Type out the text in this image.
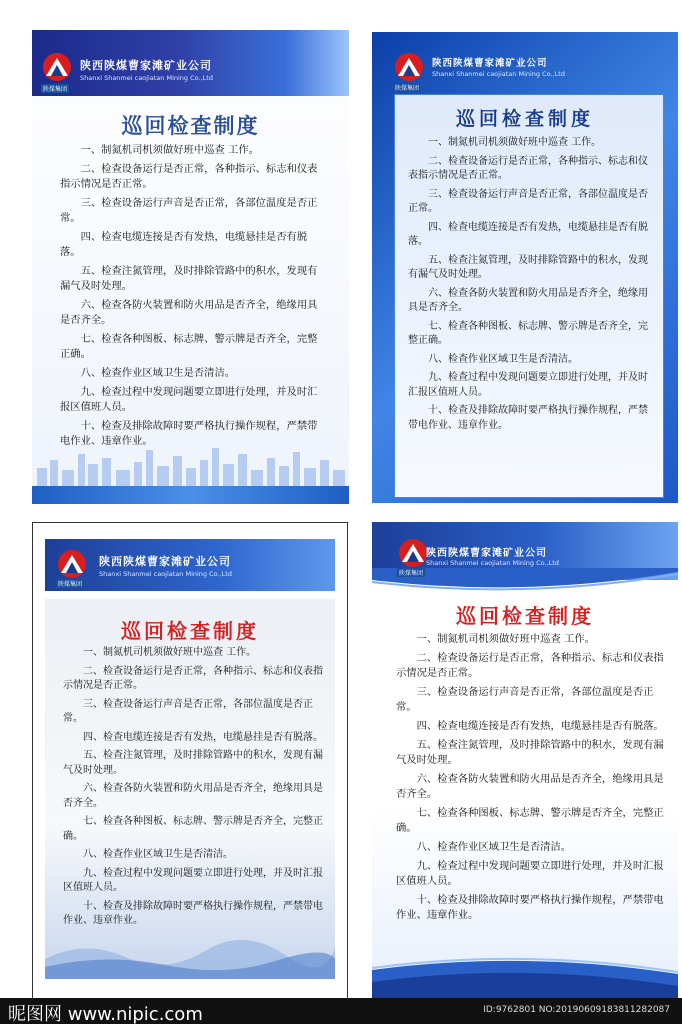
陕煤集团
陕西陕煤曹家滩矿业公司
Shanxi Shanmei caojiatan Mining Co.,Ltd
巡回检查制度

一、制氮机司机须做好班中巡查 工作。

二、检查设备运行是否正常，各种指示、标志和仪表指示情况是否正常。

三、检查设备运行声音是否正常，各部位温度是否正常。

四、检查电缆连接是否有发热，电缆悬挂是否有脱落。

五、检查注氮管理，及时排除管路中的积水，发现有漏气及时处理。

六、检查各防火装置和防火用品是否齐全，绝缘用具是否齐全。

七、检查各种图板、标志牌、警示牌是否齐全，完整正确。

八、检查作业区域卫生是否清洁。

九、检查过程中发现问题要立即进行处理，并及时汇报区值班人员。

十、检查及排除故障时要严格执行操作规程，严禁带电作业、违章作业。

陕煤集团
陕西陕煤曹家滩矿业公司
Shanxi Shanmei caojiatan Mining Co.,Ltd
巡回检查制度

一、制氮机司机须做好班中巡查 工作。

二、检查设备运行是否正常，各种指示、标志和仪表指示情况是否正常。

三、检查设备运行声音是否正常，各部位温度是否正常。

四、检查电缆连接是否有发热，电缆悬挂是否有脱落。

五、检查注氮管理，及时排除管路中的积水，发现有漏气及时处理。

六、检查各防火装置和防火用品是否齐全，绝缘用具是否齐全。

七、检查各种图板、标志牌、警示牌是否齐全，完整正确。

八、检查作业区域卫生是否清洁。

九、检查过程中发现问题要立即进行处理，并及时汇报区值班人员。

十、检查及排除故障时要严格执行操作规程，严禁带电作业、违章作业。

陕煤集团
陕西陕煤曹家滩矿业公司
Shanxi Shanmei caojiatan Mining Co.,Ltd
巡回检查制度

一、制氮机司机须做好班中巡查 工作。

二、检查设备运行是否正常，各种指示、标志和仪表指示情况是否正常。

三、检查设备运行声音是否正常，各部位温度是否正常。

四、检查电缆连接是否有发热，电缆悬挂是否有脱落。

五、检查注氮管理，及时排除管路中的积水，发现有漏气及时处理。

六、检查各防火装置和防火用品是否齐全，绝缘用具是否齐全。

七、检查各种图板、标志牌、警示牌是否齐全，完整正确。

八、检查作业区域卫生是否清洁。

九、检查过程中发现问题要立即进行处理，并及时汇报区值班人员。

十、检查及排除故障时要严格执行操作规程，严禁带电作业、违章作业。

陕煤集团
陕西陕煤曹家滩矿业公司
Shanxi Shanmei caojiatan Mining Co.,Ltd
巡回检查制度

一、制氮机司机须做好班中巡查 工作。

二、检查设备运行是否正常，各种指示、标志和仪表指示情况是否正常。

三、检查设备运行声音是否正常，各部位温度是否正常。

四、检查电缆连接是否有发热，电缆悬挂是否有脱落。

五、检查注氮管理，及时排除管路中的积水，发现有漏气及时处理。

六、检查各防火装置和防火用品是否齐全，绝缘用具是否齐全。

七、检查各种图板、标志牌、警示牌是否齐全，完整正确。

八、检查作业区域卫生是否清洁。

九、检查过程中发现问题要立即进行处理，并及时汇报区值班人员。

十、检查及排除故障时要严格执行操作规程，严禁带电作业、违章作业。

昵图网 www.nipic.com	ID:9762801 NO:20190609183811282087
